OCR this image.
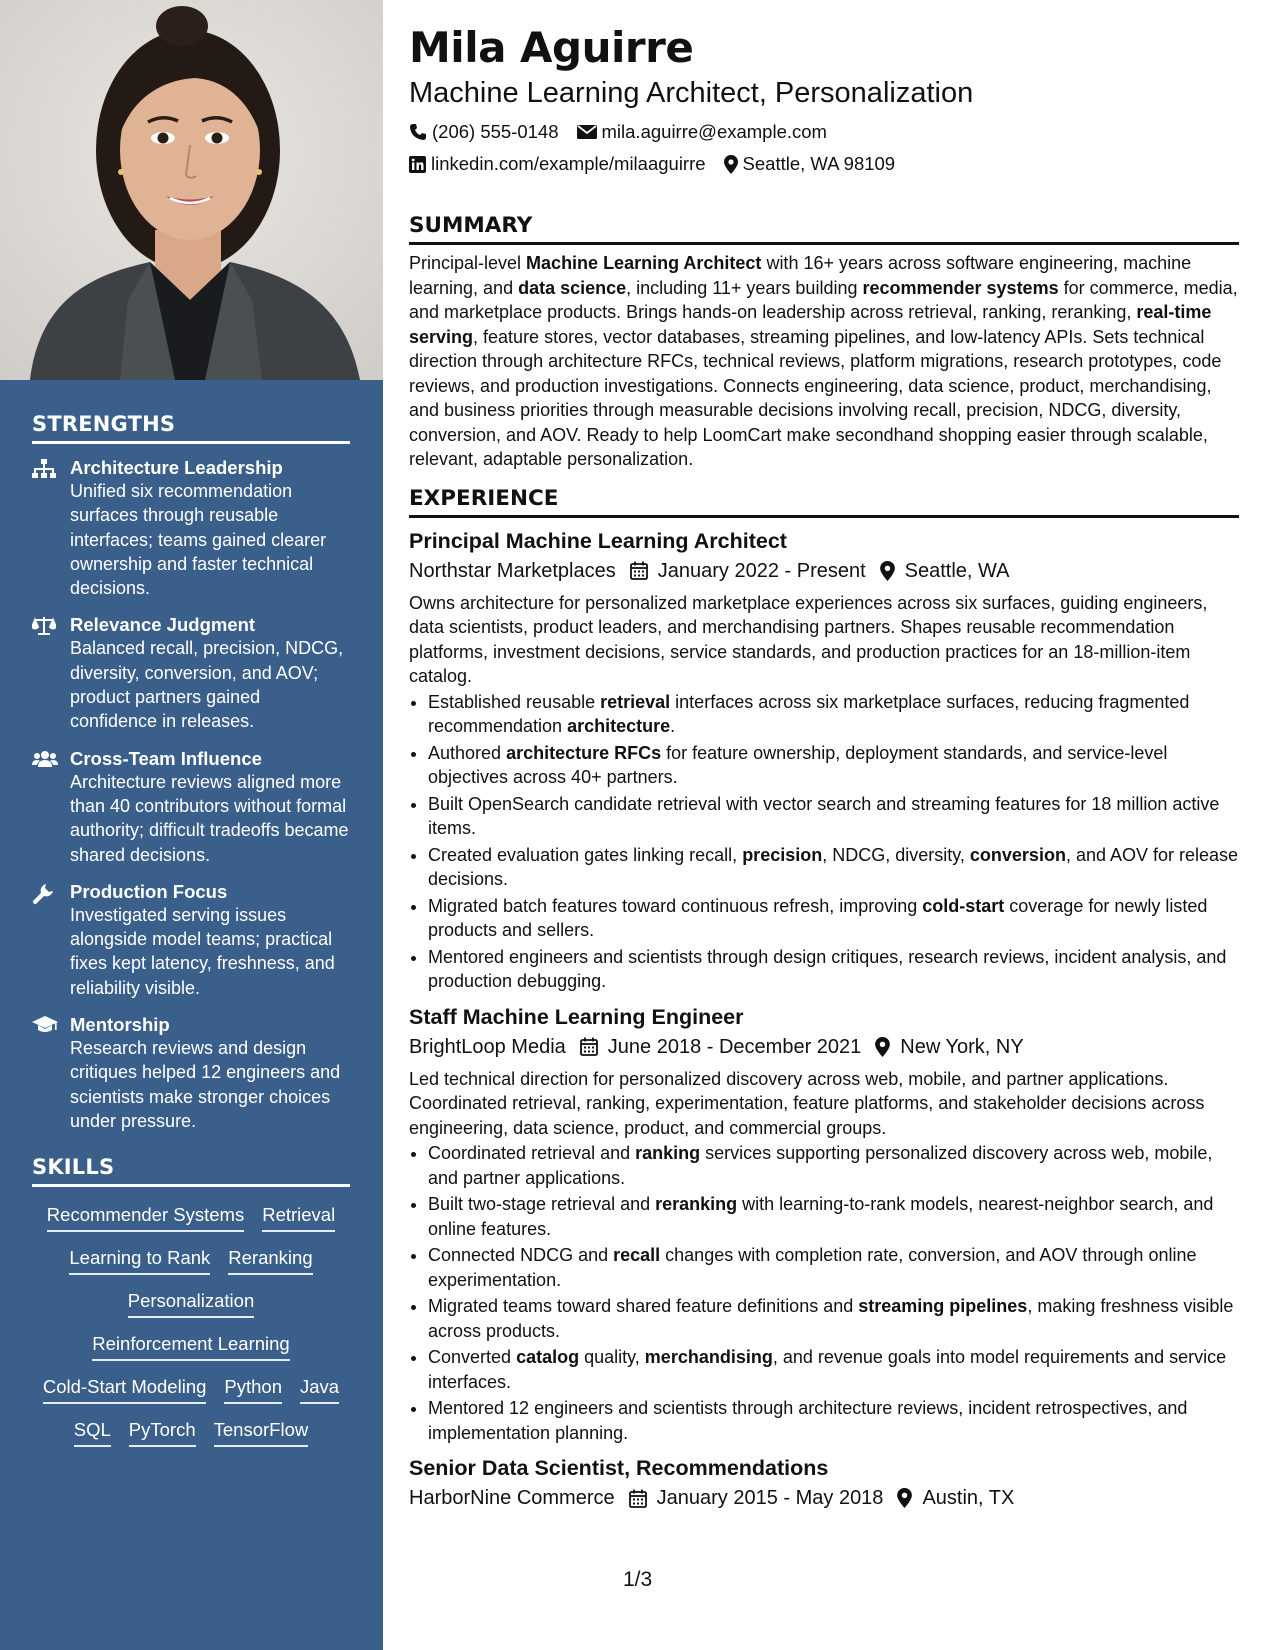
STRENGTHS
Architecture Leadership
Unified six recommendation surfaces through reusable interfaces; teams gained clearer ownership and faster technical decisions.
Relevance Judgment
Balanced recall, precision, NDCG, diversity, conversion, and AOV; product partners gained confidence in releases.
Cross-Team Influence
Architecture reviews aligned more than 40 contributors without formal authority; difficult tradeoffs became shared decisions.
Production Focus
Investigated serving issues alongside model teams; practical fixes kept latency, freshness, and reliability visible.
Mentorship
Research reviews and design critiques helped 12 engineers and scientists make stronger choices under pressure.
SKILLS
Recommender Systems Retrieval
Learning to Rank Reranking
Personalization
Reinforcement Learning
Cold-Start Modeling Python Java
SQL PyTorch TensorFlow
Mila Aguirre
Machine Learning Architect, Personalization
(206) 555-0148 mila.aguirre@example.com
linkedin.com/example/milaaguirre Seattle, WA 98109
SUMMARY

Principal-level Machine Learning Architect with 16+ years across software engineering, machine learning, and data science, including 11+ years building recommender systems for commerce, media, and marketplace products. Brings hands-on leadership across retrieval, ranking, reranking, real-time serving, feature stores, vector databases, streaming pipelines, and low-latency APIs. Sets technical direction through architecture RFCs, technical reviews, platform migrations, research prototypes, code reviews, and production investigations. Connects engineering, data science, product, merchandising, and business priorities through measurable decisions involving recall, precision, NDCG, diversity, conversion, and AOV. Ready to help LoomCart make secondhand shopping easier through scalable, relevant, adaptable personalization.

EXPERIENCE
Principal Machine Learning Architect
Northstar Marketplaces January 2022 - Present Seattle, WA

Owns architecture for personalized marketplace experiences across six surfaces, guiding engineers, data scientists, product leaders, and merchandising partners. Shapes reusable recommendation platforms, investment decisions, service standards, and production practices for an 18-million-item catalog.

• Established reusable retrieval interfaces across six marketplace surfaces, reducing fragmented recommendation architecture.
• Authored architecture RFCs for feature ownership, deployment standards, and service-level objectives across 40+ partners.
• Built OpenSearch candidate retrieval with vector search and streaming features for 18 million active items.
• Created evaluation gates linking recall, precision, NDCG, diversity, conversion, and AOV for release decisions.
• Migrated batch features toward continuous refresh, improving cold-start coverage for newly listed products and sellers.
• Mentored engineers and scientists through design critiques, research reviews, incident analysis, and production debugging.
Staff Machine Learning Engineer
BrightLoop Media June 2018 - December 2021 New York, NY

Led technical direction for personalized discovery across web, mobile, and partner applications. Coordinated retrieval, ranking, experimentation, feature platforms, and stakeholder decisions across engineering, data science, product, and commercial groups.

• Coordinated retrieval and ranking services supporting personalized discovery across web, mobile, and partner applications.
• Built two-stage retrieval and reranking with learning-to-rank models, nearest-neighbor search, and online features.
• Connected NDCG and recall changes with completion rate, conversion, and AOV through online experimentation.
• Migrated teams toward shared feature definitions and streaming pipelines, making freshness visible across products.
• Converted catalog quality, merchandising, and revenue goals into model requirements and service interfaces.
• Mentored 12 engineers and scientists through architecture reviews, incident retrospectives, and implementation planning.
Senior Data Scientist, Recommendations
HarborNine Commerce January 2015 - May 2018 Austin, TX
1/3
